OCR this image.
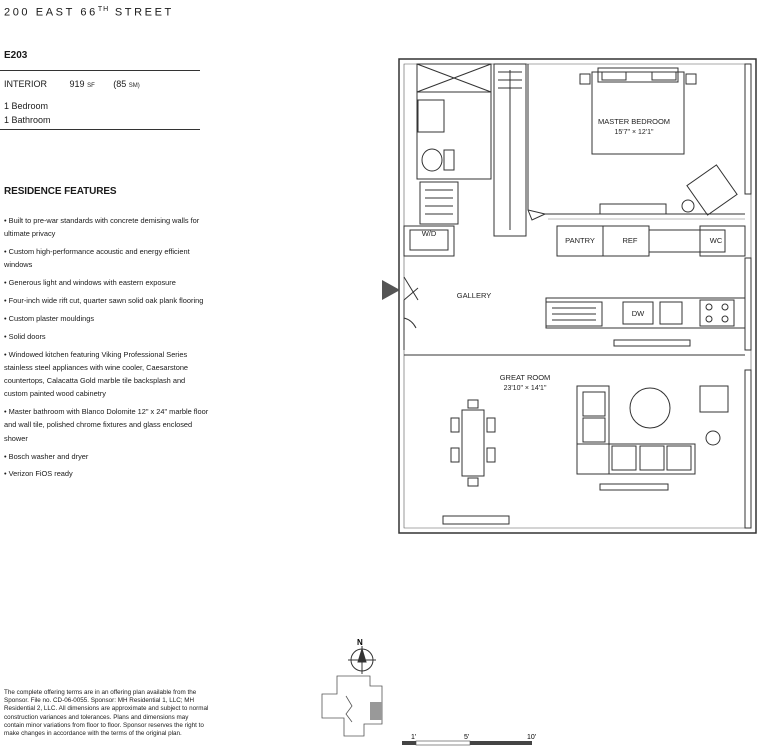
200 EAST 66TH STREET
E203
INTERIOR	919 SF (85 SM)
1 Bedroom
1 Bathroom
RESIDENCE FEATURES
• Built to pre-war standards with concrete demising walls for ultimate privacy
• Custom high-performance acoustic and energy efficient windows
• Generous light and windows with eastern exposure
• Four-inch wide rift cut, quarter sawn solid oak plank flooring
• Custom plaster mouldings
• Solid doors
• Windowed kitchen featuring Viking Professional Series stainless steel appliances with wine cooler, Caesarstone countertops, Calacatta Gold marble tile backsplash and custom painted wood cabinetry
• Master bathroom with Blanco Dolomite 12" x 24" marble floor and wall tile, polished chrome fixtures and glass enclosed shower
• Bosch washer and dryer
• Verizon FiOS ready
The complete offering terms are in an offering plan available from the Sponsor. File no. CD-06-0055. Sponsor: MH Residential 1, LLC; MH Residential 2, LLC. All dimensions are approximate and subject to normal construction variances and tolerances. Plans and dimensions may contain minor variations from floor to floor. Sponsor reserves the right to make changes in accordance with the terms of the original plan.
MASTER BEDROOM
15'7" × 12'1"
GALLERY
GREAT ROOM
23'10" × 14'1"
W/D
PANTRY	REF	WC
DW
N
1'	5'	10'
